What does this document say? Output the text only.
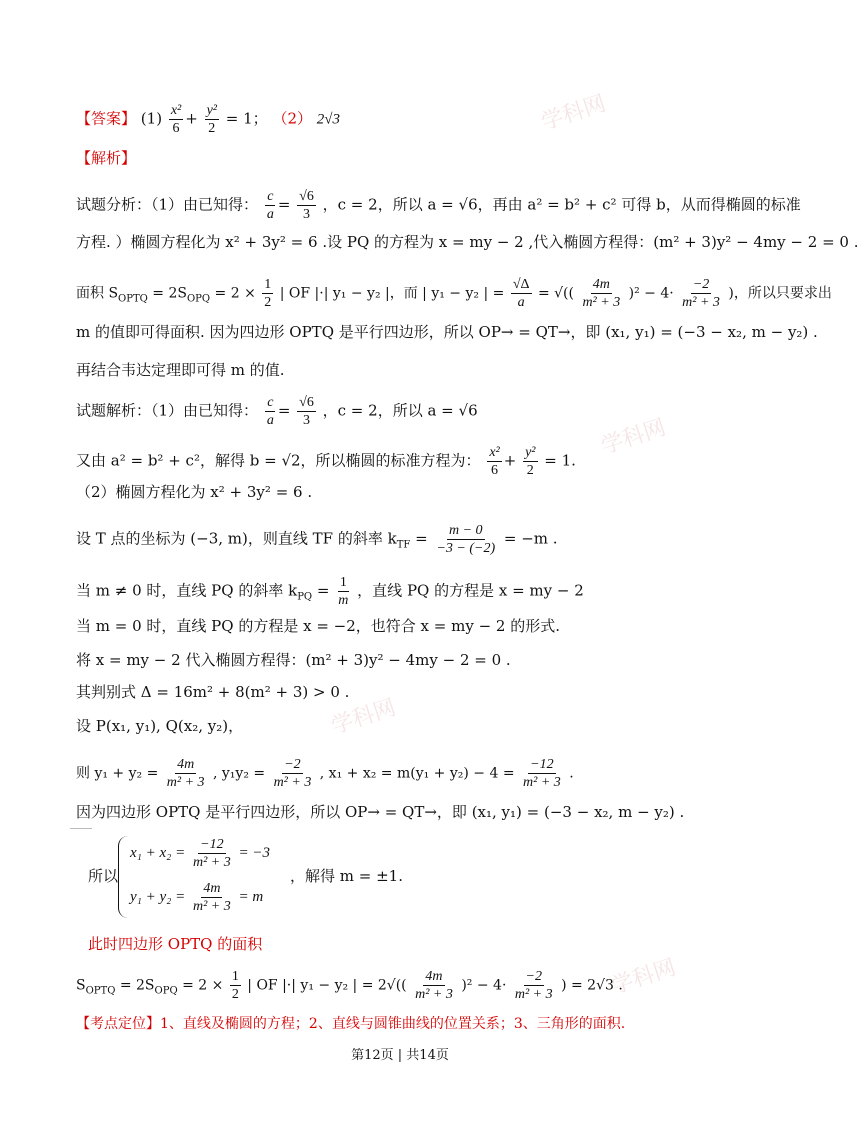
学科网
学科网
学科网
学科网
【答案】 $(1) \frac{\text{x²}}{6} + \frac{\text{y²}}{2} = 1$； （2） 2√3
【解析】
试题分析：（1）由已知得： $\frac{c}{a} = \frac{√6}{3}$ ，c = 2，所以 a = √6，再由 a² = b² + c² 可得 b，从而得椭圆的标准
方程. ）椭圆方程化为 x² + 3y² = 6 .设 PQ 的方程为 x = my − 2 ,代入椭圆方程得：(m² + 3)y² − 4my − 2 = 0 .
面积 $S_{OPTQ} = 2S_{OPQ} = 2 \times \frac{1}{2}$ | OF |·| y₁ − y₂ |，而 | y₁ − y₂ | = $\frac{√\Delta}{a}$ = √(( $\frac{4m}{\text{m² + 3}} )^2 - 4\cdot \frac{-2}{\text{m² + 3}}$ )，所以只要求出
m 的值即可得面积. 因为四边形 OPTQ 是平行四边形，所以 OP→ = QT→，即 (x₁, y₁) = (−3 − x₂, m − y₂) .
再结合韦达定理即可得 m 的值.
试题解析：（1）由已知得： $\frac{c}{a} = \frac{√6}{3}$ ，c = 2，所以 a = √6
又由 a² = b² + c²，解得 b = √2，所以椭圆的标准方程为： $\frac{\text{x²}}{6} + \frac{\text{y²}}{2} = 1$.
（2）椭圆方程化为 x² + 3y² = 6 .
设 T 点的坐标为 (−3, m)，则直线 TF 的斜率 $k_{TF} = \frac{m - 0}{-3 - (-2)} = -m$ .
当 m ≠ 0 时，直线 PQ 的斜率 $k_{PQ} = \frac{1}{m}$ ，直线 PQ 的方程是 x = my − 2
当 m = 0 时，直线 PQ 的方程是 x = −2，也符合 x = my − 2 的形式.
将 x = my − 2 代入椭圆方程得：(m² + 3)y² − 4my − 2 = 0 .
其判别式 Δ = 16m² + 8(m² + 3) > 0 .
设 P(x₁, y₁), Q(x₂, y₂)，
则 $y_1 + y_2 = \frac{4m}{\text{m² + 3}}$ , $y_1y_2 = \frac{-2}{\text{m² + 3}}$ , $x_1 + x_2 = m(y_1 + y_2) - 4 = \frac{-12}{\text{m² + 3}}$ .
因为四边形 OPTQ 是平行四边形，所以 OP→ = QT→，即 (x₁, y₁) = (−3 − x₂, m − y₂) .
所以
$x_1 + x_2 = \frac{-12}{\text{m² + 3}} = -3$
$y_1 + y_2 = \frac{4m}{\text{m² + 3}} = m$
，解得 m = ±1.
此时四边形 OPTQ 的面积
$S_{OPTQ} = 2S_{OPQ} = 2 \times \frac{1}{2}$ | OF |·| y₁ − y₂ | = $2√(( \frac{4m}{\text{m² + 3}} )^2 - 4\cdot \frac{-2}{\text{m² + 3}}$ ) = 2√3 .
【考点定位】1、直线及椭圆的方程；2、直线与圆锥曲线的位置关系；3、三角形的面积.
第12页 | 共14页
